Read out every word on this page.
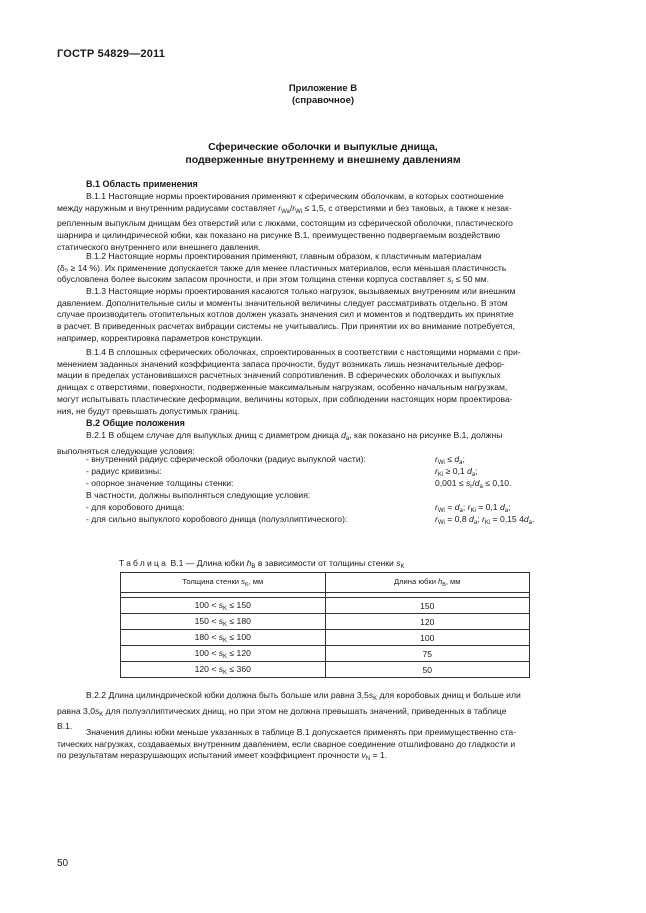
ГОСТР 54829—2011
Приложение В
(справочное)
Сферические оболочки и выпуклые днища,
подверженные внутреннему и внешнему давлениям
В.1 Область применения
В.1.1 Настоящие нормы проектирования применяют к сферическим оболочкам, в которых соотношение
между наружным и внутренним радиусами составляет $r_{Wa}/r_{Wi} \le 1,5$, с отверстиями и без таковых, а также к незак-
репленным выпуклым днищам без отверстий или с люками, состоящим из сферической оболочки, пластического
шарнира и цилиндрической юбки, как показано на рисунке В.1, преимущественно подвергаемым воздействию
статического внутреннего или внешнего давления.
В.1.2 Настоящие нормы проектирования применяют, главным образом, к пластичным материалам
(δ₅ ≥ 14 %). Их применение допускается также для менее пластичных материалов, если меньшая пластичность
обусловлена более высоким запасом прочности, и при этом толщина стенки корпуса составляет $s_r \le 50$ мм.
В.1.3 Настоящие нормы проектирования касаются только нагрузок, вызываемых внутренним или внешним
давлением. Дополнительные силы и моменты значительной величины следует рассматривать отдельно. В этом
случае производитель отопительных котлов должен указать значения сил и моментов и подтвердить их принятие
в расчет. В приведенных расчетах вибрации системы не учитывались. При принятии их во внимание потребуется,
например, корректировка параметров конструкции.
В.1.4 В сплошных сферических оболочках, спроектированных в соответствии с настоящими нормами с при-
менением заданных значений коэффициента запаса прочности, будут возникать лишь незначительные дефор-
мации в пределах установившихся расчетных значений сопротивления. В сферических оболочках и выпуклых
днищах с отверстиями, поверхности, подверженные максимальным нагрузкам, особенно начальным нагрузкам,
могут испытывать пластические деформации, величины которых, при соблюдении настоящих норм проектирова-
ния, не будут превышать допустимых границ.
В.2 Общие положения
В.2.1 В общем случае для выпуклых днищ с диаметром днища $d_a$, как показано на рисунке В.1, должны
выполняться следующие условия:
- внутренний радиус сферической оболочки (радиус выпуклой части):	$r_{Wi} \le d_a$;
- радиус кривизны:	$r_{Ki} \ge 0,1$ $d_a$;
- опорное значение толщины стенки:	$0,001 \le s_r/d_a \le 0,10$.
В частности, должны выполняться следующие условия:
- для коробового днища:	$r_{Wi} = d_a$; $r_{Ki} = 0,1$ $d_a$;
- для сильно выпуклого коробового днища (полуэллиптического):	$r_{Wi} = 0,8$ $d_a$; $r_{Ki} = 0,15$ $4d_a$.
Таблица В.1 — Длина юбки $h_B$ в зависимости от толщины стенки $s_K$
Толщина стенки $s_K$, мм	Длина юбки $h_B$, мм

$100 < s_K \le 150$	150
$150 < s_K \le 180$	120
$180 < s_K \le 100$	100
$100 < s_K \le 120$	75
$120 < s_K \le 360$	50
В.2.2 Длина цилиндрической юбки должна быть больше или равна $3,5s_K$ для коробовых днищ и больше или
равна $3,0s_K$ для полуэллиптических днищ, но при этом не должна превышать значений, приведенных в таблице
В.1.
Значения длины юбки меньше указанных в таблице В.1 допускается применять при преимущественно ста-
тических нагрузках, создаваемых внутренним давлением, если сварное соединение отшлифовано до гладкости и
по результатам неразрушающих испытаний имеет коэффициент прочности $v_N = 1$.
50
